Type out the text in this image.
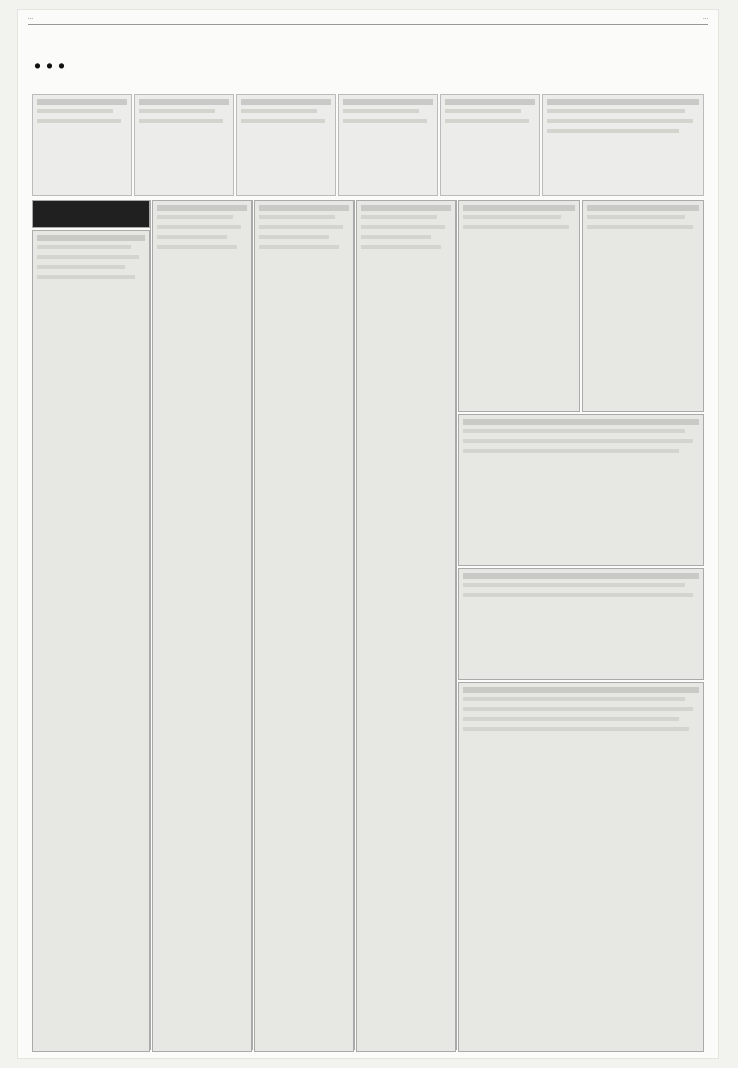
...	...
...
